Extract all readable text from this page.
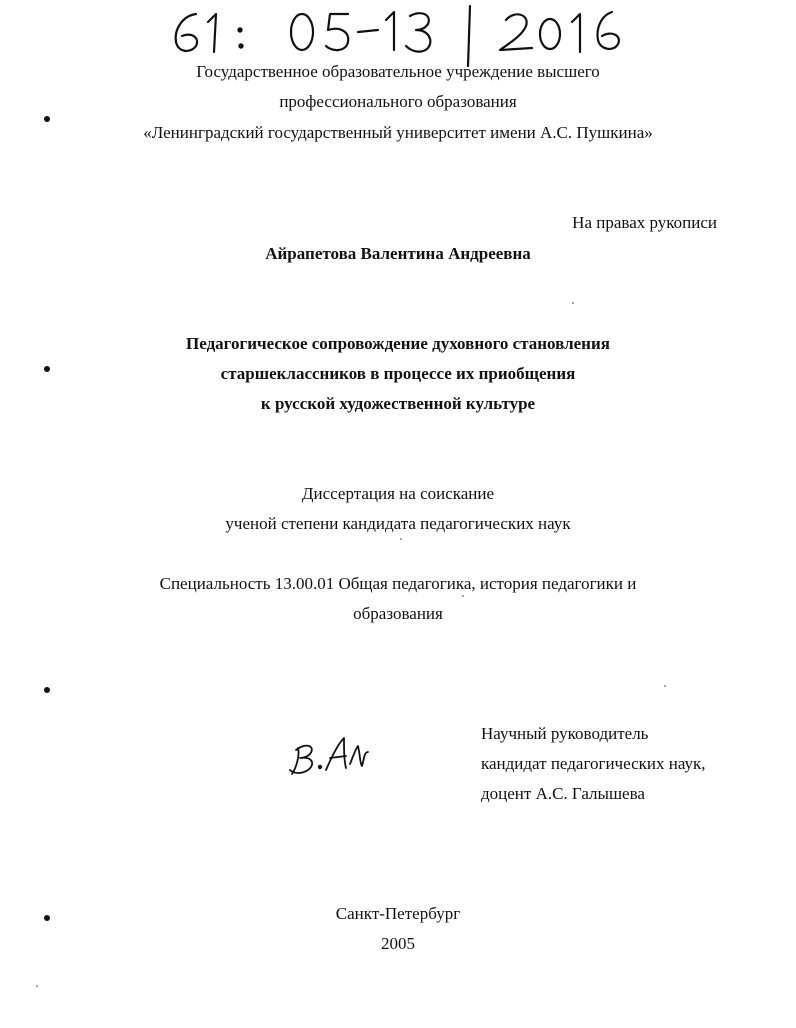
Государственное образовательное учреждение высшего
профессионального образования
«Ленинградский государственный университет имени А.С. Пушкина»
На правах рукописи
Айрапетова Валентина Андреевна
Педагогическое сопровождение духовного становления
старшеклассников в процессе их приобщения
к русской художественной культуре
Диссертация на соискание
ученой степени кандидата педагогических наук
Специальность 13.00.01 Общая педагогика, история педагогики и
образования
Научный руководитель
кандидат педагогических наук,
доцент А.С. Галышева
Санкт-Петербург
2005
